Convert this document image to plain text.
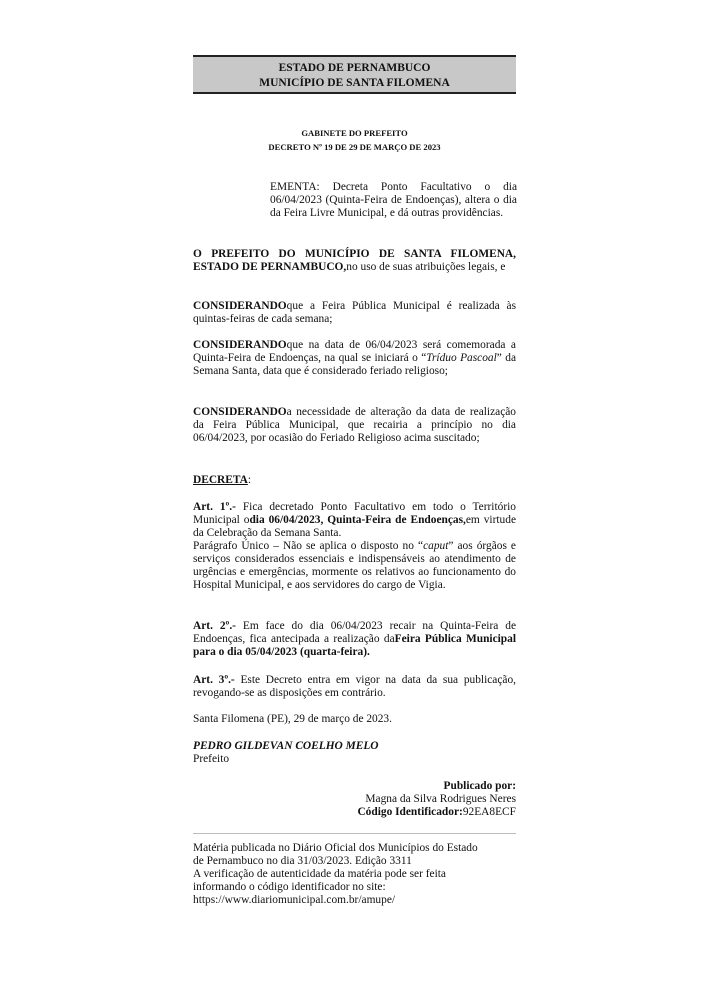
ESTADO DE PERNAMBUCO
MUNICÍPIO DE SANTA FILOMENA
GABINETE DO PREFEITO
DECRETO Nº 19 DE 29 DE MARÇO DE 2023

EMENTA: Decreta Ponto Facultativo o dia 06/04/2023 (Quinta-Feira de Endoenças), altera o dia da Feira Livre Municipal, e dá outras providências.

O PREFEITO DO MUNICÍPIO DE SANTA FILOMENA, ESTADO DE PERNAMBUCO,no uso de suas atribuições legais, e

CONSIDERANDOque a Feira Pública Municipal é realizada às quintas-feiras de cada semana;

CONSIDERANDOque na data de 06/04/2023 será comemorada a Quinta-Feira de Endoenças, na qual se iniciará o “Tríduo Pascoal” da Semana Santa, data que é considerado feriado religioso;

CONSIDERANDOa necessidade de alteração da data de realização da Feira Pública Municipal, que recairia a princípio no dia 06/04/2023, por ocasião do Feriado Religioso acima suscitado;

DECRETA:

Art. 1º.- Fica decretado Ponto Facultativo em todo o Território Municipal odia 06/04/2023, Quinta-Feira de Endoenças,em virtude da Celebração da Semana Santa.

Parágrafo Único – Não se aplica o disposto no “caput” aos órgãos e serviços considerados essenciais e indispensáveis ao atendimento de urgências e emergências, mormente os relativos ao funcionamento do Hospital Municipal, e aos servidores do cargo de Vigia.

Art. 2º.- Em face do dia 06/04/2023 recair na Quinta-Feira de Endoenças, fica antecipada a realização daFeira Pública Municipal para o dia 05/04/2023 (quarta-feira).

Art. 3º.- Este Decreto entra em vigor na data da sua publicação, revogando-se as disposições em contrário.

Santa Filomena (PE), 29 de março de 2023.

PEDRO GILDEVAN COELHO MELO

Prefeito

Publicado por:

Magna da Silva Rodrigues Neres

Código Identificador:92EA8ECF

Matéria publicada no Diário Oficial dos Municípios do Estado

de Pernambuco no dia 31/03/2023. Edição 3311

A verificação de autenticidade da matéria pode ser feita

informando o código identificador no site:

https://www.diariomunicipal.com.br/amupe/
